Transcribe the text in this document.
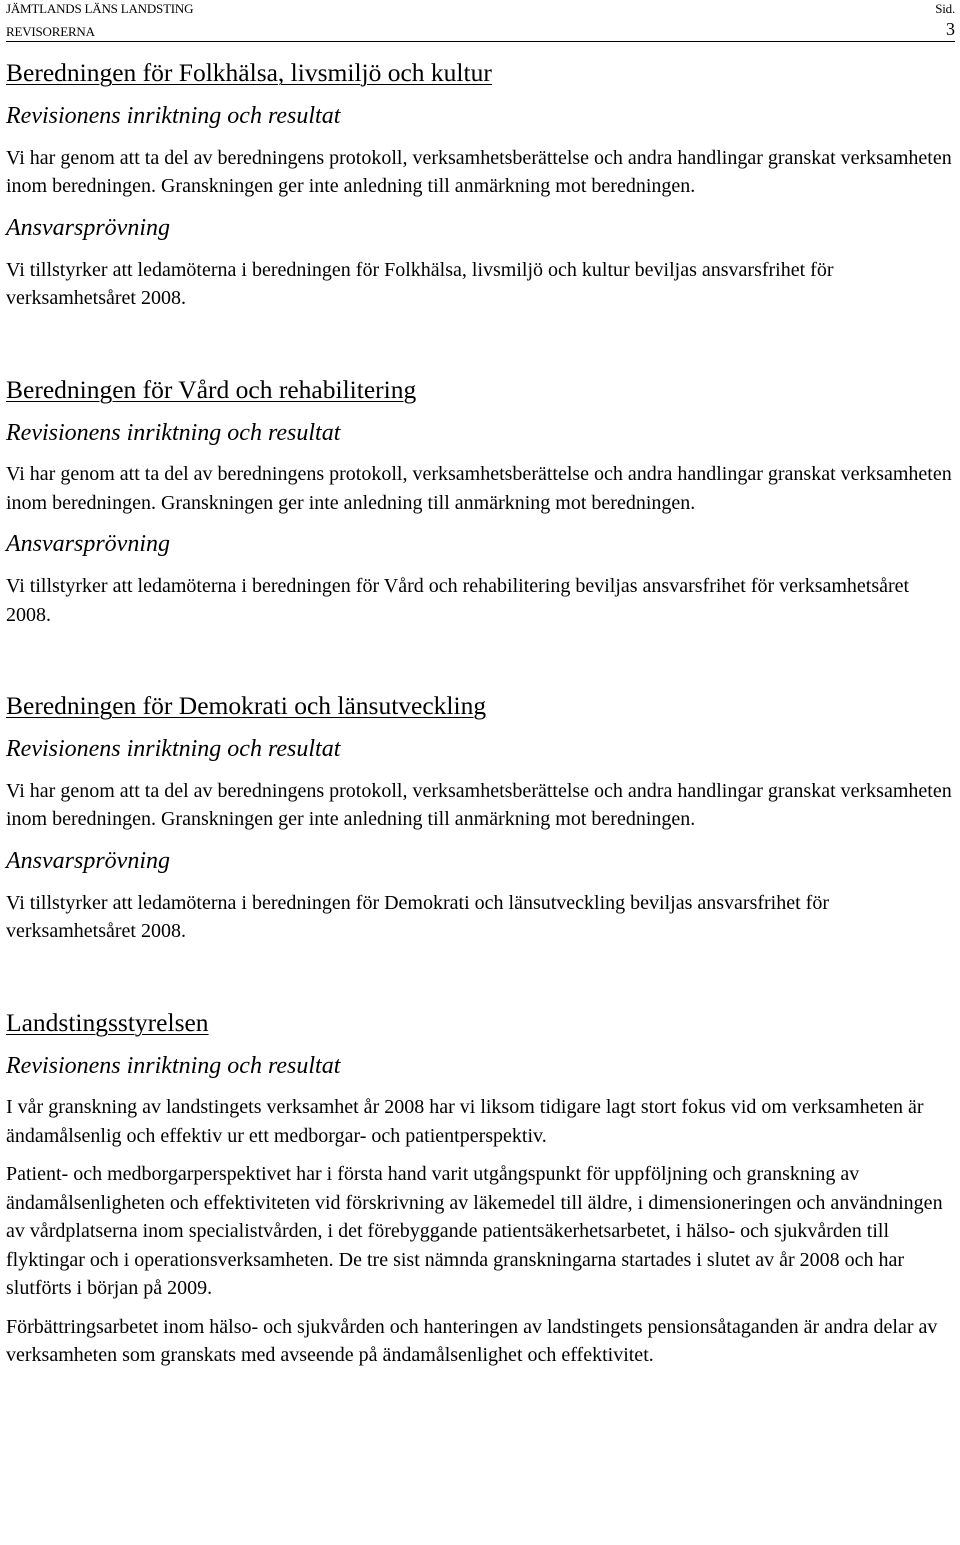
JÄMTLANDS LÄNS LANDSTING
REVISORERNA
Sid.
3
Beredningen för Folkhälsa, livsmiljö och kultur
Revisionens inriktning och resultat

Vi har genom att ta del av beredningens protokoll, verksamhetsberättelse och andra handlingar granskat verksamheten inom beredningen. Granskningen ger inte anledning till anmärkning mot beredningen.

Ansvarsprövning

Vi tillstyrker att ledamöterna i beredningen för Folkhälsa, livsmiljö och kultur beviljas ansvarsfrihet för verksamhetsåret 2008.

Beredningen för Vård och rehabilitering
Revisionens inriktning och resultat

Vi har genom att ta del av beredningens protokoll, verksamhetsberättelse och andra handlingar granskat verksamheten inom beredningen. Granskningen ger inte anledning till anmärkning mot beredningen.

Ansvarsprövning

Vi tillstyrker att ledamöterna i beredningen för Vård och rehabilitering beviljas ansvarsfrihet för verksamhetsåret 2008.

Beredningen för Demokrati och länsutveckling
Revisionens inriktning och resultat

Vi har genom att ta del av beredningens protokoll, verksamhetsberättelse och andra handlingar granskat verksamheten inom beredningen. Granskningen ger inte anledning till anmärkning mot beredningen.

Ansvarsprövning

Vi tillstyrker att ledamöterna i beredningen för Demokrati och länsutveckling beviljas ansvarsfrihet för verksamhetsåret 2008.

Landstingsstyrelsen
Revisionens inriktning och resultat

I vår granskning av landstingets verksamhet år 2008 har vi liksom tidigare lagt stort fokus vid om verksamheten är ändamålsenlig och effektiv ur ett medborgar- och patientperspektiv.

Patient- och medborgarperspektivet har i första hand varit utgångspunkt för uppföljning och granskning av ändamålsenligheten och effektiviteten vid förskrivning av läkemedel till äldre, i dimensioneringen och användningen av vårdplatserna inom specialistvården, i det förebyggande patientsäkerhetsarbetet, i hälso- och sjukvården till flyktingar och i operationsverksamheten. De tre sist nämnda granskningarna startades i slutet av år 2008 och har slutförts i början på 2009.

Förbättringsarbetet inom hälso- och sjukvården och hanteringen av landstingets pensionsåtaganden är andra delar av verksamheten som granskats med avseende på ändamålsenlighet och effektivitet.
